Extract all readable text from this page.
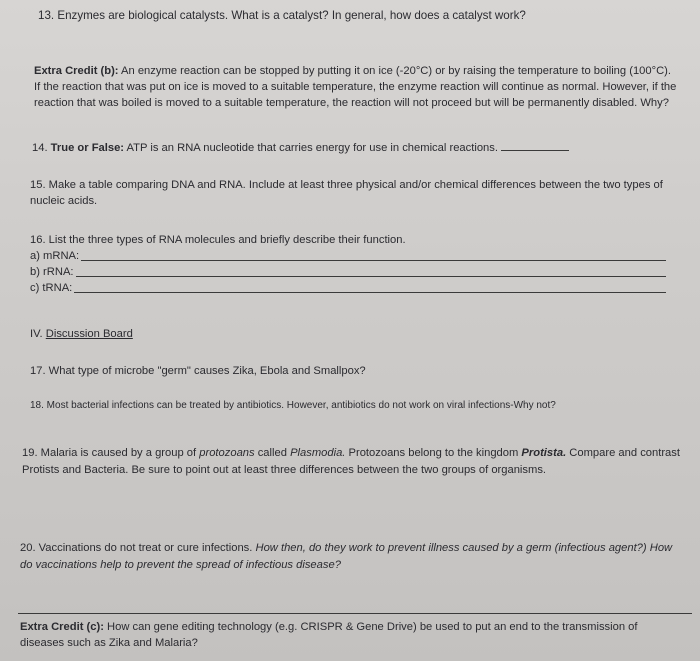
13. Enzymes are biological catalysts. What is a catalyst? In general, how does a catalyst work?

Extra Credit (b): An enzyme reaction can be stopped by putting it on ice (-20°C) or by raising the temperature to boiling (100°C). If the reaction that was put on ice is moved to a suitable temperature, the enzyme reaction will continue as normal. However, if the reaction that was boiled is moved to a suitable temperature, the reaction will not proceed but will be permanently disabled. Why?

14. True or False: ATP is an RNA nucleotide that carries energy for use in chemical reactions.

15. Make a table comparing DNA and RNA. Include at least three physical and/or chemical differences between the two types of nucleic acids.

16. List the three types of RNA molecules and briefly describe their function.

a) mRNA:
b) rRNA:
c) tRNA:

IV. Discussion Board

17. What type of microbe "germ" causes Zika, Ebola and Smallpox?

18. Most bacterial infections can be treated by antibiotics. However, antibiotics do not work on viral infections-Why not?

19. Malaria is caused by a group of protozoans called Plasmodia. Protozoans belong to the kingdom Protista. Compare and contrast Protists and Bacteria. Be sure to point out at least three differences between the two groups of organisms.

20. Vaccinations do not treat or cure infections. How then, do they work to prevent illness caused by a germ (infectious agent?) How do vaccinations help to prevent the spread of infectious disease?

Extra Credit (c): How can gene editing technology (e.g. CRISPR & Gene Drive) be used to put an end to the transmission of diseases such as Zika and Malaria?
